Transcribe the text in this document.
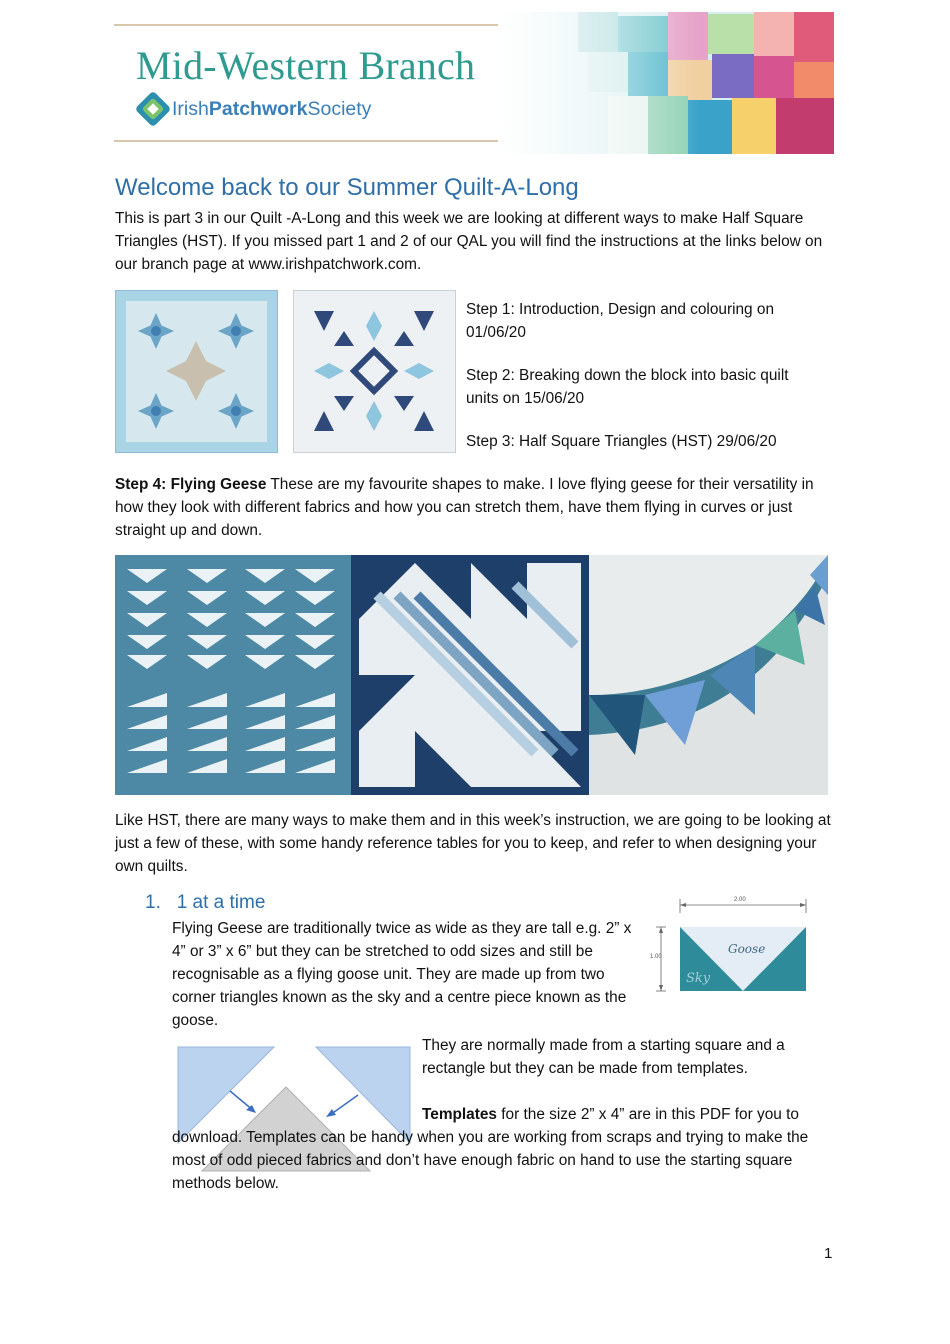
Mid-Western Branch
IrishPatchworkSociety
Welcome back to our Summer Quilt-A-Long

This is part 3 in our Quilt -A-Long and this week we are looking at different ways to make Half Square Triangles (HST). If you missed part 1 and 2 of our QAL you will find the instructions at the links below on our branch page at www.irishpatchwork.com.

Step 1: Introduction, Design and colouring on 01/06/20

Step 2: Breaking down the block into basic quilt units on 15/06/20

Step 3: Half Square Triangles (HST) 29/06/20

Step 4: Flying Geese These are my favourite shapes to make. I love flying geese for their versatility in how they look with different fabrics and how you can stretch them, have them flying in curves or just straight up and down.

Like HST, there are many ways to make them and in this week’s instruction, we are going to be looking at just a few of these, with some handy reference tables for you to keep, and refer to when designing your own quilts.

1. 1 at a time

Flying Geese are traditionally twice as wide as they are tall e.g. 2” x 4” or 3” x 6” but they can be stretched to odd sizes and still be recognisable as a flying goose unit. They are made up from two corner triangles known as the sky and a centre piece known as the goose.

2.00
1.00
Goose
Sky

They are normally made from a starting square and a rectangle but they can be made from templates.

Templates for the size 2” x 4” are in this PDF for you to download. Templates can be handy when you are working from scraps and trying to make the most of odd pieced fabrics and don’t have enough fabric on hand to use the starting square methods below.

1
